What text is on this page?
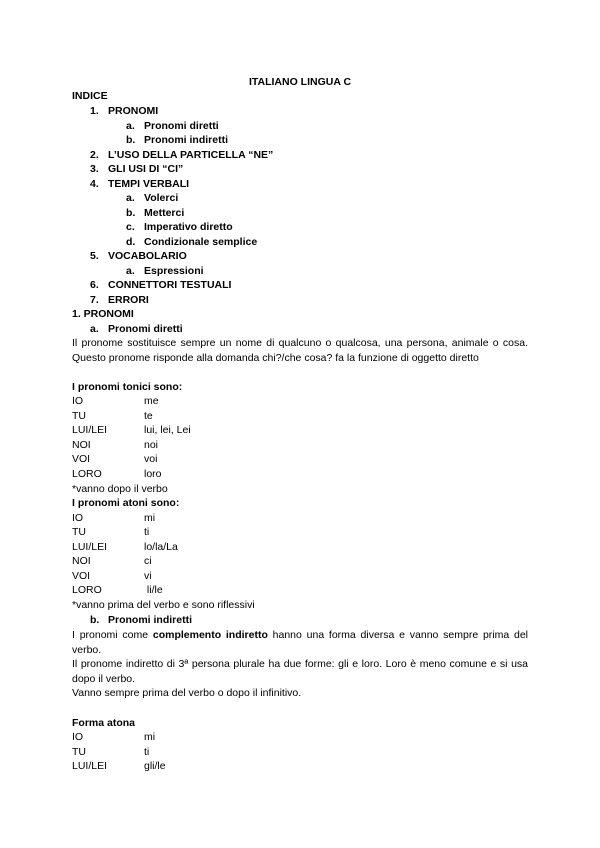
ITALIANO LINGUA C
INDICE
1. PRONOMI
a. Pronomi diretti
b. Pronomi indiretti
2. L’USO DELLA PARTICELLA “NE”
3. GLI USI DI “CI”
4. TEMPI VERBALI
a. Volerci
b. Metterci
c. Imperativo diretto
d. Condizionale semplice
5. VOCABOLARIO
a. Espressioni
6. CONNETTORI TESTUALI
7. ERRORI
1. PRONOMI
a. Pronomi diretti
Il pronome sostituisce sempre un nome di qualcuno o qualcosa, una persona, animale o cosa. Questo pronome risponde alla domanda chi?/che cosa? fa la funzione di oggetto diretto
I pronomi tonici sono:
IO	me
TU	te
LUI/LEI	lui, lei, Lei
NOI	noi
VOI	voi
LORO	loro
*vanno dopo il verbo
I pronomi atoni sono:
IO	mi
TU	ti
LUI/LEI	lo/la/La
NOI	ci
VOI	vi
LORO	li/le
*vanno prima del verbo e sono riflessivi
b. Pronomi indiretti
I pronomi come complemento indiretto hanno una forma diversa e vanno sempre prima del verbo.
Il pronome indiretto di 3ª persona plurale ha due forme: gli e loro. Loro è meno comune e si usa dopo il verbo.
Vanno sempre prima del verbo o dopo il infinitivo.
Forma atona
IO	mi
TU	ti
LUI/LEI	gli/le
